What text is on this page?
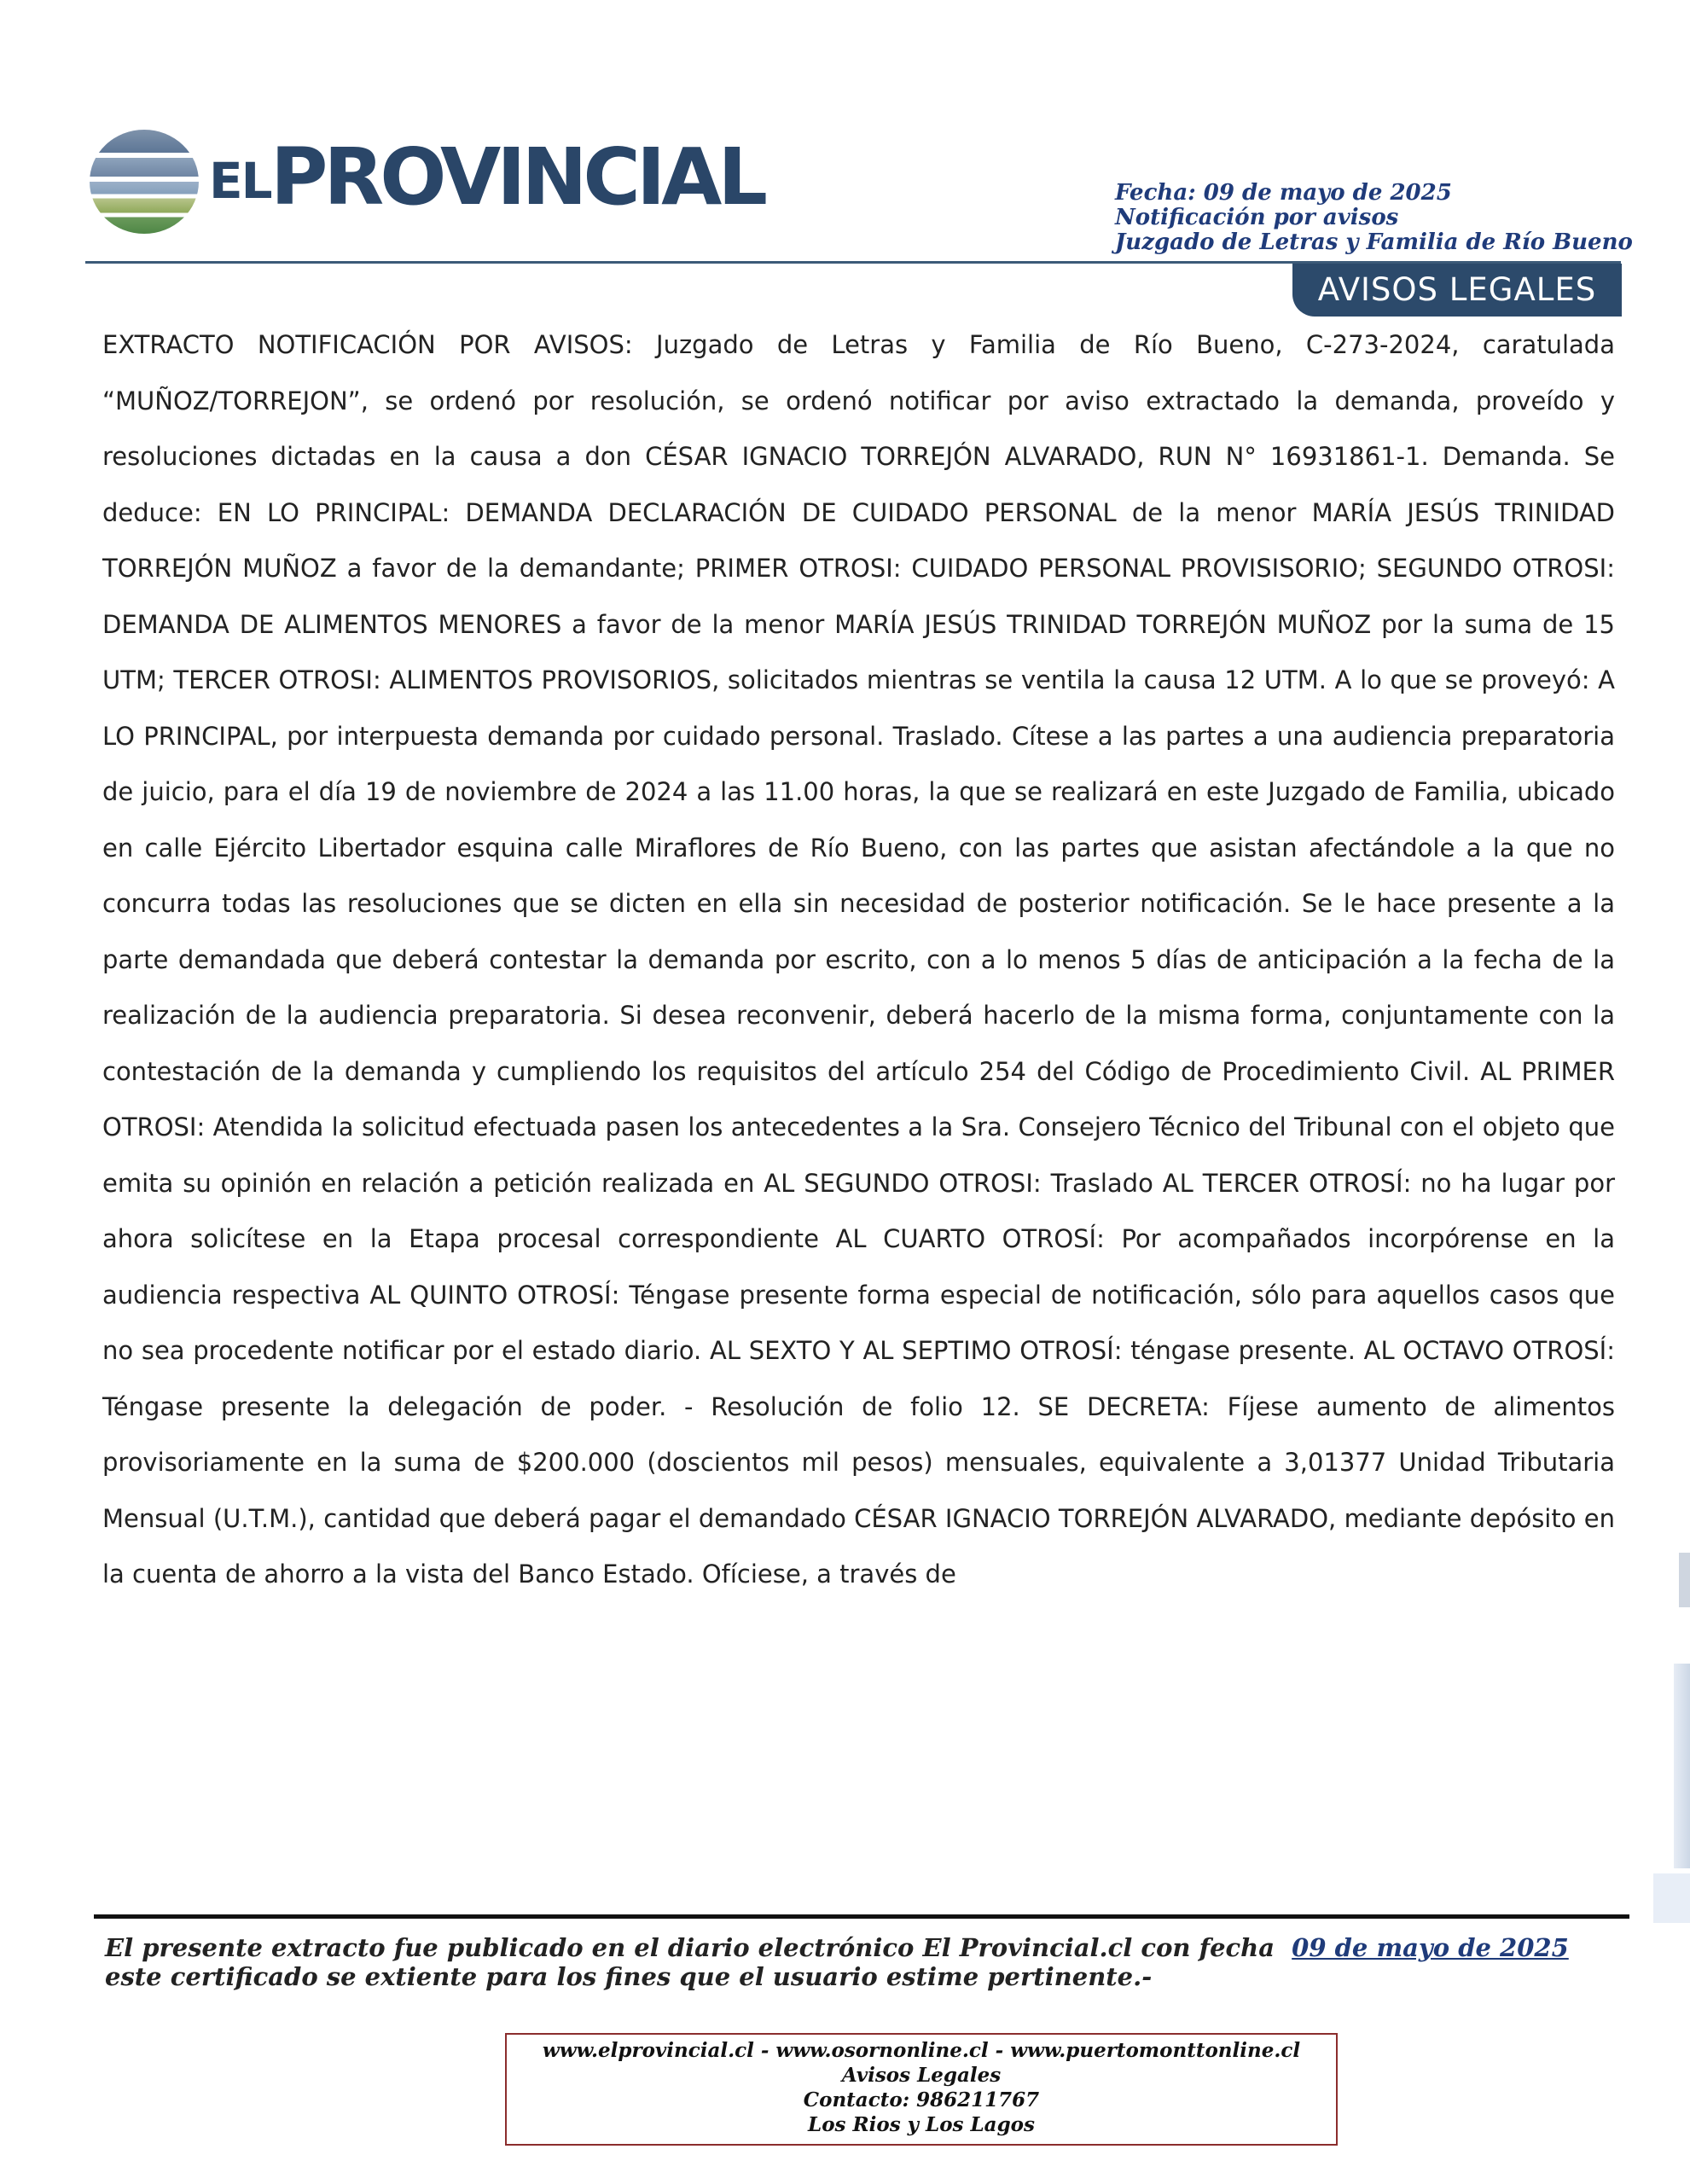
EL PROVINCIAL	Fecha: 09 de mayo de 2025
Notificación por avisos
Juzgado de Letras y Familia de Río Bueno
AVISOS LEGALES

EXTRACTO NOTIFICACIÓN POR AVISOS: Juzgado de Letras y Familia de Río Bueno, C-273-2024, caratulada “MUÑOZ/TORREJON”, se ordenó por resolución, se ordenó notificar por aviso extractado la demanda, proveído y resoluciones dictadas en la causa a don CÉSAR IGNACIO TORREJÓN ALVARADO, RUN N° 16931861-1. Demanda. Se deduce: EN LO PRINCIPAL: DEMANDA DECLARACIÓN DE CUIDADO PERSONAL de la menor MARÍA JESÚS TRINIDAD TORREJÓN MUÑOZ a favor de la demandante; PRIMER OTROSI: CUIDADO PERSONAL PROVISISORIO; SEGUNDO OTROSI: DEMANDA DE ALIMENTOS MENORES a favor de la menor MARÍA JESÚS TRINIDAD TORREJÓN MUÑOZ por la suma de 15 UTM; TERCER OTROSI: ALIMENTOS PROVISORIOS, solicitados mientras se ventila la causa 12 UTM. A lo que se proveyó: A LO PRINCIPAL, por interpuesta demanda por cuidado personal. Traslado. Cítese a las partes a una audiencia preparatoria de juicio, para el día 19 de noviembre de 2024 a las 11.00 horas, la que se realizará en este Juzgado de Familia, ubicado en calle Ejército Libertador esquina calle Miraflores de Río Bueno, con las partes que asistan afectándole a la que no concurra todas las resoluciones que se dicten en ella sin necesidad de posterior notificación. Se le hace presente a la parte demandada que deberá contestar la demanda por escrito, con a lo menos 5 días de anticipación a la fecha de la realización de la audiencia preparatoria. Si desea reconvenir, deberá hacerlo de la misma forma, conjuntamente con la contestación de la demanda y cumpliendo los requisitos del artículo 254 del Código de Procedimiento Civil. AL PRIMER OTROSI: Atendida la solicitud efectuada pasen los antecedentes a la Sra. Consejero Técnico del Tribunal con el objeto que emita su opinión en relación a petición realizada en AL SEGUNDO OTROSI: Traslado AL TERCER OTROSÍ: no ha lugar por ahora solicítese en la Etapa procesal correspondiente AL CUARTO OTROSÍ: Por acompañados incorpórense en la audiencia respectiva AL QUINTO OTROSÍ: Téngase presente forma especial de notificación, sólo para aquellos casos que no sea procedente notificar por el estado diario. AL SEXTO Y AL SEPTIMO OTROSÍ: téngase presente. AL OCTAVO OTROSÍ: Téngase presente la delegación de poder. - Resolución de folio 12. SE DECRETA: Fíjese aumento de alimentos provisoriamente en la suma de $200.000 (doscientos mil pesos) mensuales, equivalente a 3,01377 Unidad Tributaria Mensual (U.T.M.), cantidad que deberá pagar el demandado CÉSAR IGNACIO TORREJÓN ALVARADO, mediante depósito en la cuenta de ahorro a la vista del Banco Estado. Ofíciese, a través de

El presente extracto fue publicado en el diario electrónico El Provincial.cl con fecha 09 de mayo de 2025 este certificado se extiente para los fines que el usuario estime pertinente.-
www.elprovincial.cl - www.osornonline.cl - www.puertomonttonline.cl
Avisos Legales
Contacto: 986211767
Los Rios y Los Lagos
